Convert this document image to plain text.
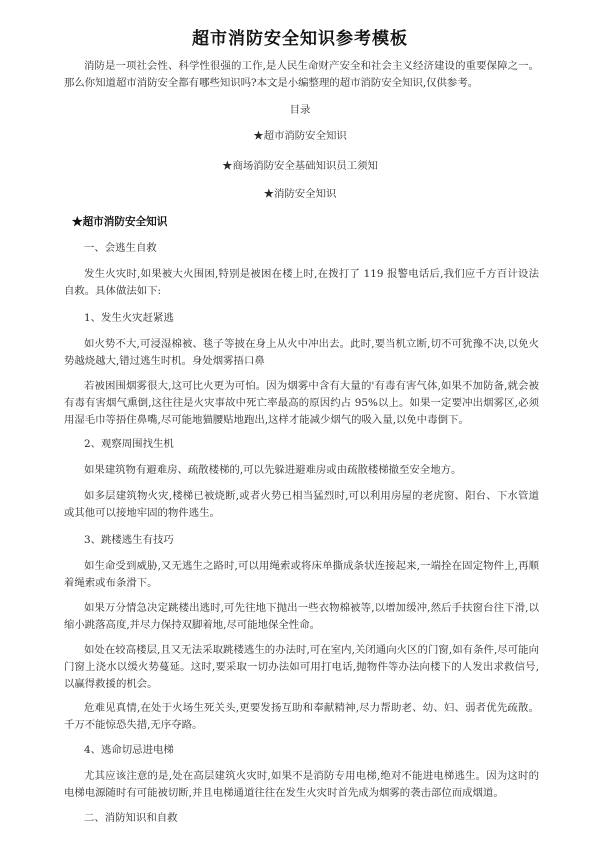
超市消防安全知识参考模板

消防是一项社会性、科学性很强的工作,是人民生命财产安全和社会主义经济建设的重要保障之一。那么你知道超市消防安全都有哪些知识吗?本文是小编整理的超市消防安全知识,仅供参考。

目录

★超市消防安全知识

★商场消防安全基础知识员工须知

★消防安全知识

★超市消防安全知识

一、会逃生自救

发生火灾时,如果被大火围困,特别是被困在楼上时,在拨打了 119 报警电话后,我们应千方百计设法自救。具体做法如下:

1、发生火灾赶紧逃

如火势不大,可浸湿棉被、毯子等披在身上从火中冲出去。此时,要当机立断,切不可犹豫不决,以免火势越烧越大,错过逃生时机。身处烟雾捂口鼻

若被困围烟雾很大,这可比火更为可怕。因为烟雾中含有大量的'有毒有害气体,如果不加防备,就会被有毒有害烟气熏倒,这往往是火灾事故中死亡率最高的原因约占 95%以上。如果一定要冲出烟雾区,必须用湿毛巾等捂住鼻嘴,尽可能地猫腰贴地跑出,这样才能减少烟气的吸入量,以免中毒倒下。

2、观察周围找生机

如果建筑物有避难房、疏散楼梯的,可以先躲进避难房或由疏散楼梯撤至安全地方。

如多层建筑物火灾,楼梯已被烧断,或者火势已相当猛烈时,可以利用房屋的老虎窗、阳台、下水管道或其他可以接地牢固的物件逃生。

3、跳楼逃生有技巧

如生命受到威胁,又无逃生之路时,可以用绳索或将床单撕成条状连接起来,一端拴在固定物件上,再顺着绳索或布条滑下。

如果万分情急决定跳楼出逃时,可先往地下抛出一些衣物棉被等,以增加缓冲,然后手扶窗台往下滑,以缩小跳落高度,并尽力保持双脚着地,尽可能地保全性命。

如处在较高楼层,且又无法采取跳楼逃生的办法时,可在室内,关闭通向火区的门窗,如有条件,尽可能向门窗上浇水以缓火势蔓延。这时,要采取一切办法如可用打电话,抛物件等办法向楼下的人发出求救信号,以赢得救援的机会。

危难见真情,在处于火场生死关头,更要发扬互助和奉献精神,尽力帮助老、幼、妇、弱者优先疏散。千万不能惊恐失措,无序夺路。

4、逃命切忌进电梯

尤其应该注意的是,处在高层建筑火灾时,如果不是消防专用电梯,绝对不能进电梯逃生。因为这时的电梯电源随时有可能被切断,并且电梯通道往往在发生火灾时首先成为烟雾的袭击部位而成烟道。

二、消防知识和自救
